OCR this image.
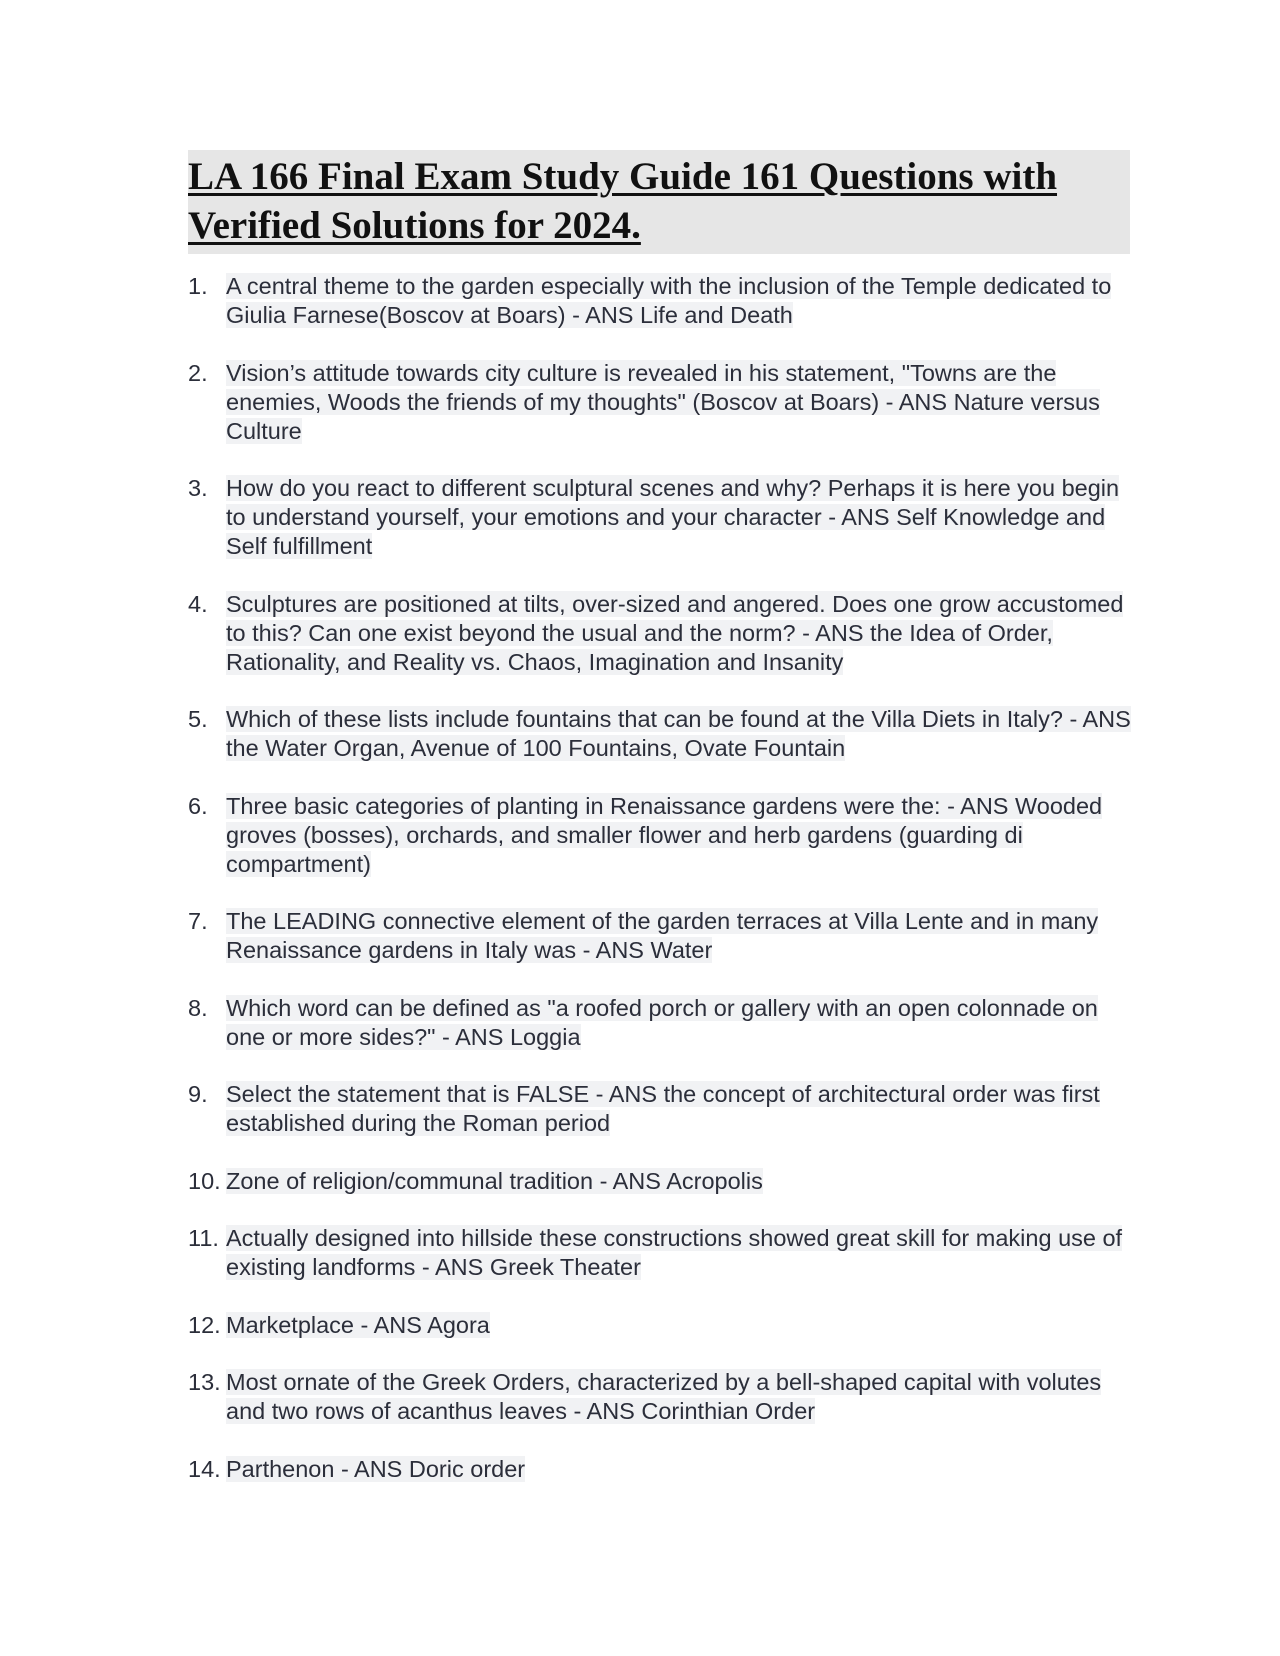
LA 166 Final Exam Study Guide 161 Questions with Verified Solutions for 2024.
1. A central theme to the garden especially with the inclusion of the Temple dedicated to Giulia Farnese(Boscov at Boars) - ANS Life and Death
2. Vision’s attitude towards city culture is revealed in his statement, "Towns are the enemies, Woods the friends of my thoughts" (Boscov at Boars) - ANS Nature versus Culture
3. How do you react to different sculptural scenes and why? Perhaps it is here you begin to understand yourself, your emotions and your character - ANS Self Knowledge and Self fulfillment
4. Sculptures are positioned at tilts, over-sized and angered. Does one grow accustomed to this? Can one exist beyond the usual and the norm? - ANS the Idea of Order, Rationality, and Reality vs. Chaos, Imagination and Insanity
5. Which of these lists include fountains that can be found at the Villa Diets in Italy? - ANS the Water Organ, Avenue of 100 Fountains, Ovate Fountain
6. Three basic categories of planting in Renaissance gardens were the: - ANS Wooded groves (bosses), orchards, and smaller flower and herb gardens (guarding di compartment)
7. The LEADING connective element of the garden terraces at Villa Lente and in many Renaissance gardens in Italy was - ANS Water
8. Which word can be defined as "a roofed porch or gallery with an open colonnade on one or more sides?" - ANS Loggia
9. Select the statement that is FALSE - ANS the concept of architectural order was first established during the Roman period
10. Zone of religion/communal tradition - ANS Acropolis
11. Actually designed into hillside these constructions showed great skill for making use of existing landforms - ANS Greek Theater
12. Marketplace - ANS Agora
13. Most ornate of the Greek Orders, characterized by a bell-shaped capital with volutes and two rows of acanthus leaves - ANS Corinthian Order
14. Parthenon - ANS Doric order
